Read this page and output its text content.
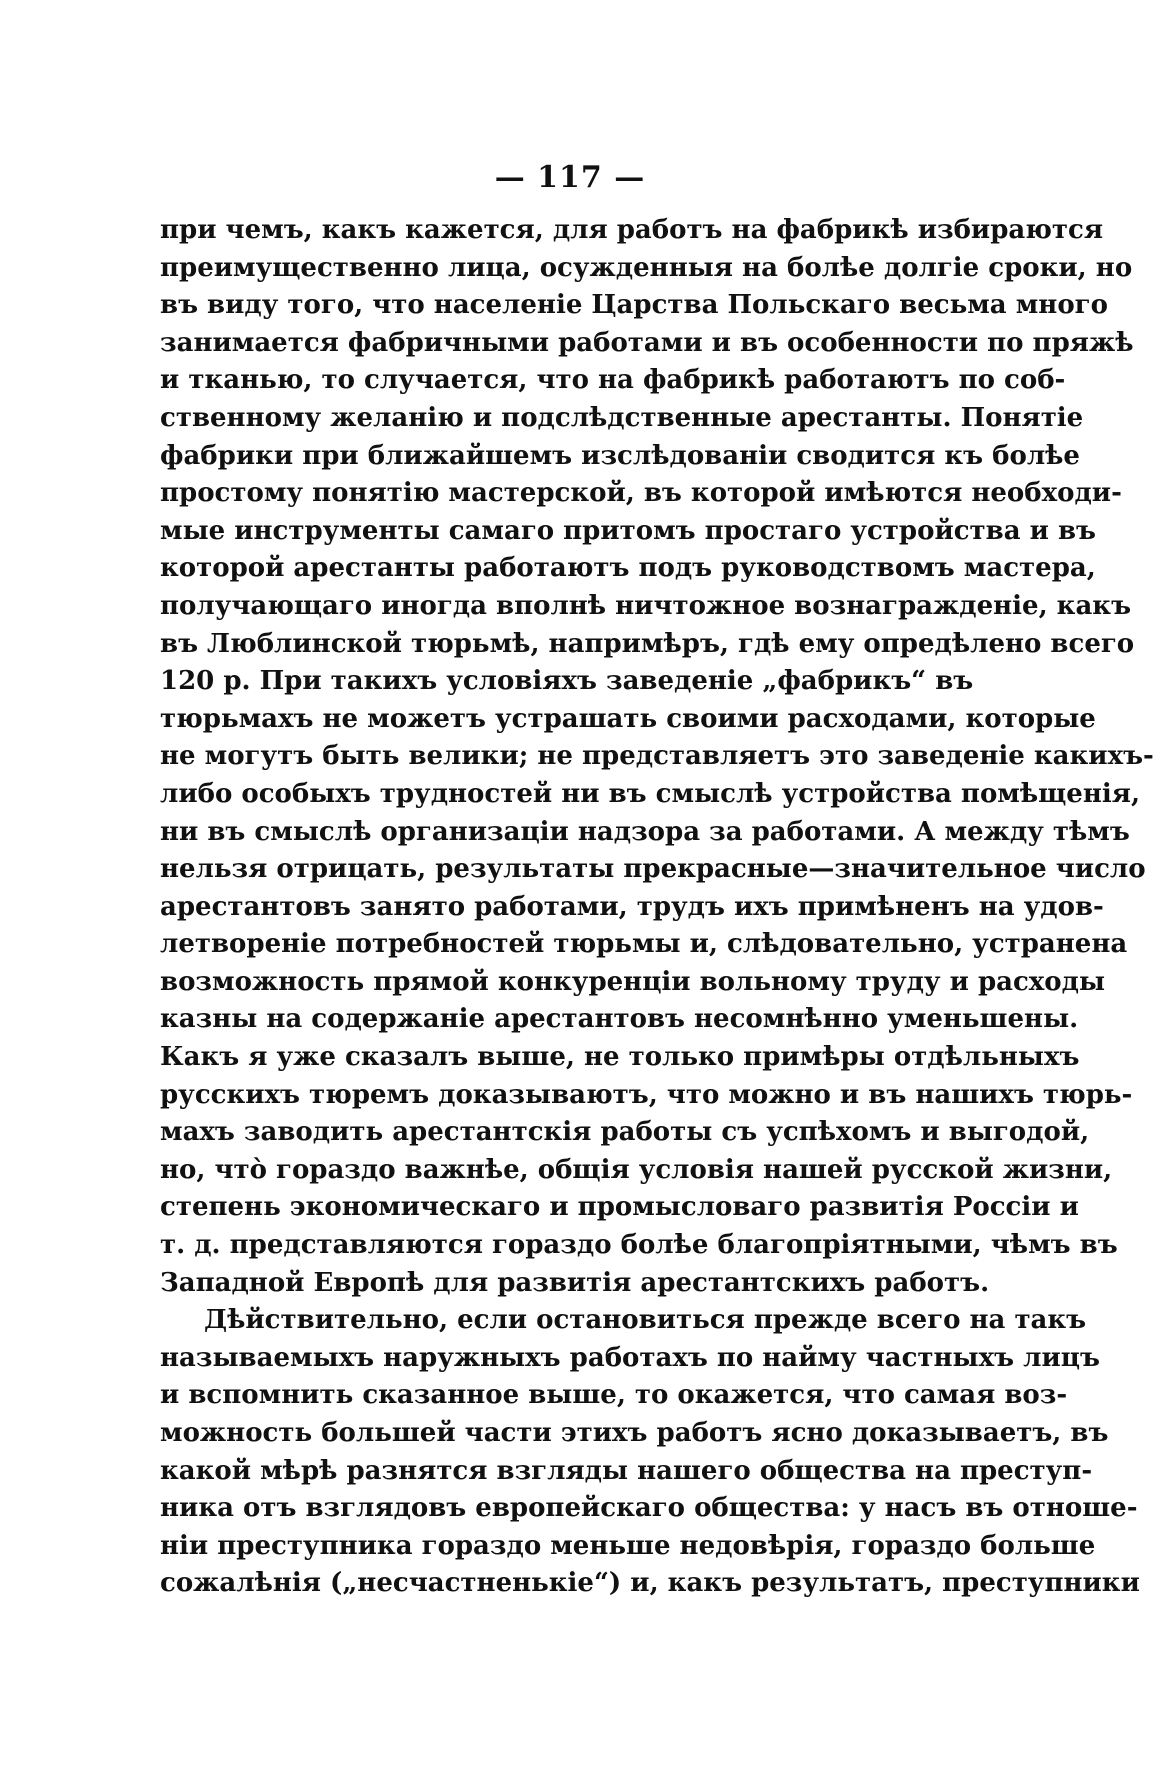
— 117 —
при чемъ, какъ кажется, для работъ на фабрикѣ избираются
преимущественно лица, осужденныя на болѣе долгіе сроки, но
въ виду того, что населеніе Царства Польскаго весьма много
занимается фабричными работами и въ особенности по пряжѣ
и тканью, то случается, что на фабрикѣ работаютъ по соб-
ственному желанію и подслѣдственные арестанты. Понятіе
фабрики при ближайшемъ изслѣдованіи сводится къ болѣе
простому понятію мастерской, въ которой имѣются необходи-
мые инструменты самаго притомъ простаго устройства и въ
которой арестанты работаютъ подъ руководствомъ мастера,
получающаго иногда вполнѣ ничтожное вознагражденіе, какъ
въ Люблинской тюрьмѣ, напримѣръ, гдѣ ему опредѣлено всего
120 р. При такихъ условіяхъ заведеніе „фабрикъ“ въ
тюрьмахъ не можетъ устрашать своими расходами, которые
не могутъ быть велики; не представляетъ это заведеніе какихъ-
либо особыхъ трудностей ни въ смыслѣ устройства помѣщенія,
ни въ смыслѣ организаціи надзора за работами. А между тѣмъ
нельзя отрицать, результаты прекрасные—значительное число
арестантовъ занято работами, трудъ ихъ примѣненъ на удов-
летвореніе потребностей тюрьмы и, слѣдовательно, устранена
возможность прямой конкуренціи вольному труду и расходы
казны на содержаніе арестантовъ несомнѣнно уменьшены.
Какъ я уже сказалъ выше, не только примѣры отдѣльныхъ
русскихъ тюремъ доказываютъ, что можно и въ нашихъ тюрь-
махъ заводить арестантскія работы съ успѣхомъ и выгодой,
но, что̀ гораздо важнѣе, общія условія нашей русской жизни,
степень экономическаго и промысловаго развитія Россіи и
т. д. представляются гораздо болѣе благопріятными, чѣмъ въ
Западной Европѣ для развитія арестантскихъ работъ.
Дѣйствительно, если остановиться прежде всего на такъ
называемыхъ наружныхъ работахъ по найму частныхъ лицъ
и вспомнить сказанное выше, то окажется, что самая воз-
можность большей части этихъ работъ ясно доказываетъ, въ
какой мѣрѣ разнятся взгляды нашего общества на преступ-
ника отъ взглядовъ европейскаго общества: у насъ въ отноше-
ніи преступника гораздо меньше недовѣрія, гораздо больше
сожалѣнія („несчастненькіе“) и, какъ результатъ, преступники
